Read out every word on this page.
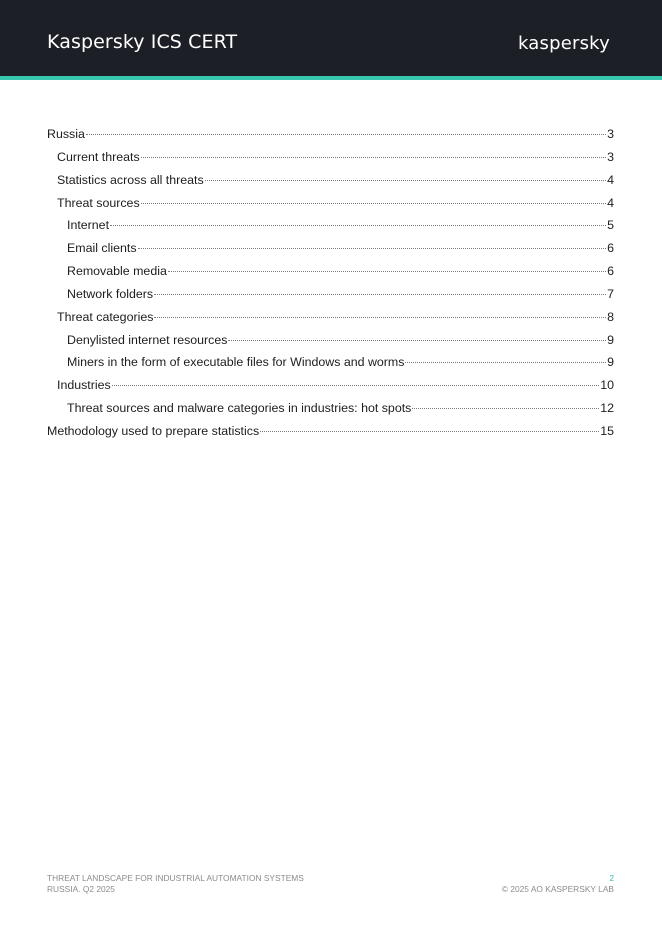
Kaspersky ICS CERT	kaspersky
Russia	3
Current threats	3
Statistics across all threats	4
Threat sources	4
Internet	5
Email clients	6
Removable media	6
Network folders	7
Threat categories	8
Denylisted internet resources	9
Miners in the form of executable files for Windows and worms	9
Industries	10
Threat sources and malware categories in industries: hot spots	12
Methodology used to prepare statistics	15
THREAT LANDSCAPE FOR INDUSTRIAL AUTOMATION SYSTEMS
RUSSIA. Q2 2025
2
© 2025 AO KASPERSKY LAB
